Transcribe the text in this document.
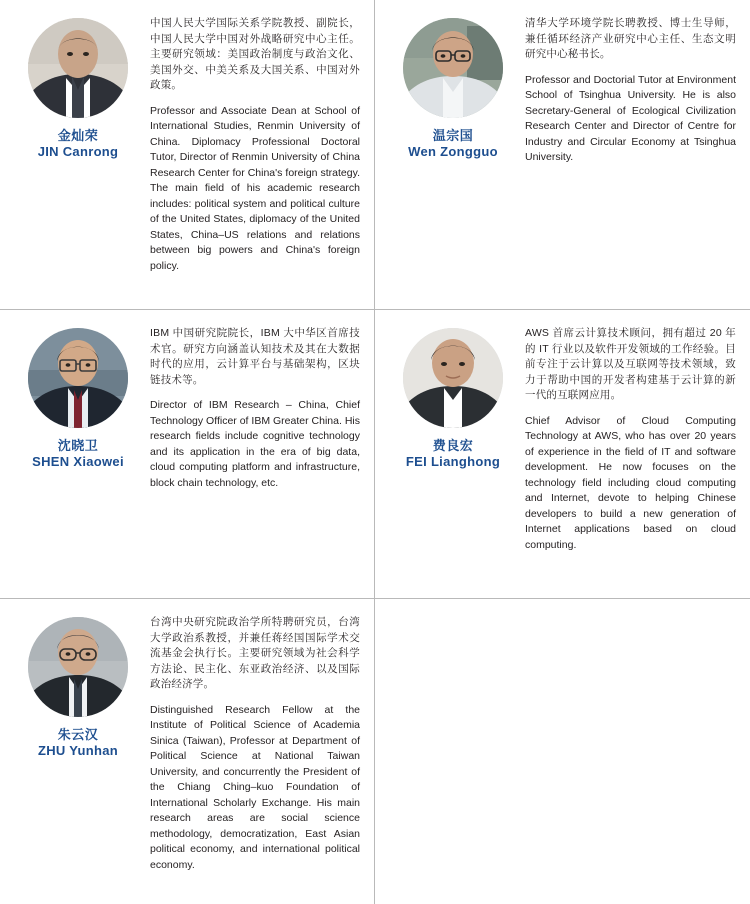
金灿荣
JIN Canrong

中国人民大学国际关系学院教授、副院长，中国人民大学中国对外战略研究中心主任。主要研究领域：美国政治制度与政治文化、美国外交、中美关系及大国关系、中国对外政策。

Professor and Associate Dean at School of International Studies, Renmin University of China. Diplomacy Professional Doctoral Tutor, Director of Renmin University of China Research Center for China's foreign strategy. The main field of his academic research includes: political system and political culture of the United States, diplomacy of the United States, China–US relations and relations between big powers and China's foreign policy.

温宗国
Wen Zongguo

清华大学环境学院长聘教授、博士生导师，兼任循环经济产业研究中心主任、生态文明研究中心秘书长。

Professor and Doctorial Tutor at Environment School of Tsinghua University. He is also Secretary-General of Ecological Civilization Research Center and Director of Centre for Industry and Circular Economy at Tsinghua University.

沈晓卫
SHEN Xiaowei

IBM 中国研究院院长，IBM 大中华区首席技术官。研究方向涵盖认知技术及其在大数据时代的应用，云计算平台与基础架构，区块链技术等。

Director of IBM Research – China, Chief Technology Officer of IBM Greater China. His research fields include cognitive technology and its application in the era of big data, cloud computing platform and infrastructure, block chain technology, etc.

费良宏
FEI Lianghong

AWS 首席云计算技术顾问，拥有超过 20 年的 IT 行业以及软件开发领域的工作经验。目前专注于云计算以及互联网等技术领域，致力于帮助中国的开发者构建基于云计算的新一代的互联网应用。

Chief Advisor of Cloud Computing Technology at AWS, who has over 20 years of experience in the field of IT and software development. He now focuses on the technology field including cloud computing and Internet, devote to helping Chinese developers to build a new generation of Internet applications based on cloud computing.

朱云汉
ZHU Yunhan

台湾中央研究院政治学所特聘研究员，台湾大学政治系教授，并兼任蒋经国国际学术交流基金会执行长。主要研究领域为社会科学方法论、民主化、东亚政治经济、以及国际政治经济学。

Distinguished Research Fellow at the Institute of Political Science of Academia Sinica (Taiwan), Professor at Department of Political Science at National Taiwan University, and concurrently the President of the Chiang Ching–kuo Foundation of International Scholarly Exchange. His main research areas are social science methodology, democratization, East Asian political economy, and international political economy.
